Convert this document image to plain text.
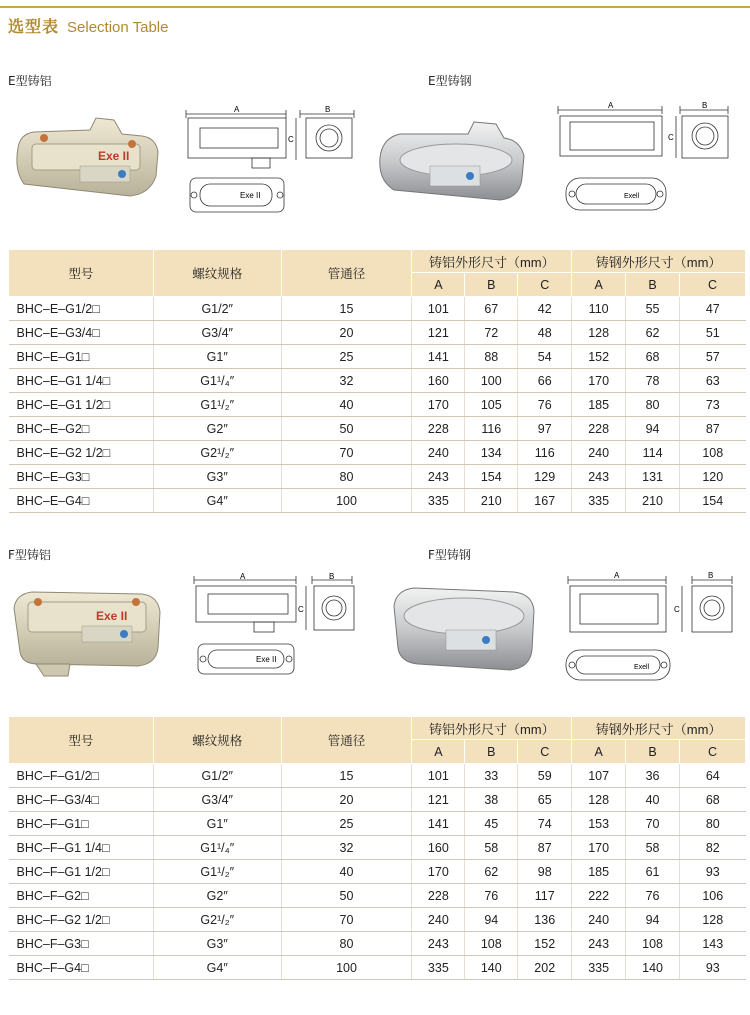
选型表 Selection Table
E型铸铝	E型铸钢
Exe II
A	B
C
Exe II
A	B
C
Exell
型号	螺纹规格	管通径	铸铝外形尺寸（mm）			铸钢外形尺寸（mm）		
			A	B	C	A	B	C
BHC–E–G1/2□	G1/2″	15	101	67	42	110	55	47
BHC–E–G3/4□	G3/4″	20	121	72	48	128	62	51
BHC–E–G1□	G1″	25	141	88	54	152	68	57
BHC–E–G1 1/4□	G1¹/₄″	32	160	100	66	170	78	63
BHC–E–G1 1/2□	G1¹/₂″	40	170	105	76	185	80	73
BHC–E–G2□	G2″	50	228	116	97	228	94	87
BHC–E–G2 1/2□	G2¹/₂″	70	240	134	116	240	114	108
BHC–E–G3□	G3″	80	243	154	129	243	131	120
BHC–E–G4□	G4″	100	335	210	167	335	210	154
F型铸铝	F型铸钢
Exe II
A	B
C
Exe II
A	B
C
Exell
型号	螺纹规格	管通径	铸铝外形尺寸（mm）			铸钢外形尺寸（mm）		
			A	B	C	A	B	C
BHC–F–G1/2□	G1/2″	15	101	33	59	107	36	64
BHC–F–G3/4□	G3/4″	20	121	38	65	128	40	68
BHC–F–G1□	G1″	25	141	45	74	153	70	80
BHC–F–G1 1/4□	G1¹/₄″	32	160	58	87	170	58	82
BHC–F–G1 1/2□	G1¹/₂″	40	170	62	98	185	61	93
BHC–F–G2□	G2″	50	228	76	117	222	76	106
BHC–F–G2 1/2□	G2¹/₂″	70	240	94	136	240	94	128
BHC–F–G3□	G3″	80	243	108	152	243	108	143
BHC–F–G4□	G4″	100	335	140	202	335	140	93
